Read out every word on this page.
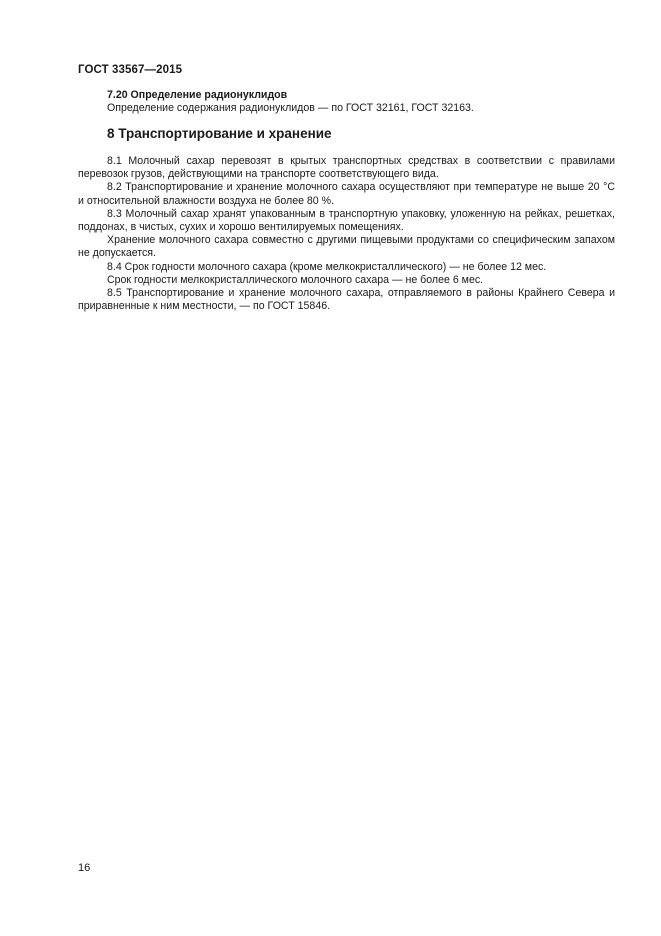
ГОСТ 33567—2015
7.20 Определение радионуклидов
Определение содержания радионуклидов — по ГОСТ 32161, ГОСТ 32163.
8 Транспортирование и хранение

8.1 Молочный сахар перевозят в крытых транспортных средствах в соответствии с правилами перевозок грузов, действующими на транспорте соответствующего вида.

8.2 Транспортирование и хранение молочного сахара осуществляют при температуре не выше 20 °С и относительной влажности воздуха не более 80 %.

8.3 Молочный сахар хранят упакованным в транспортную упаковку, уложенную на рейках, решетках, поддонах, в чистых, сухих и хорошо вентилируемых помещениях.

Хранение молочного сахара совместно с другими пищевыми продуктами со специфическим запахом не допускается.

8.4 Срок годности молочного сахара (кроме мелкокристаллического) — не более 12 мес.

Срок годности мелкокристаллического молочного сахара — не более 6 мес.

8.5 Транспортирование и хранение молочного сахара, отправляемого в районы Крайнего Севера и приравненные к ним местности, — по ГОСТ 15846.

16
